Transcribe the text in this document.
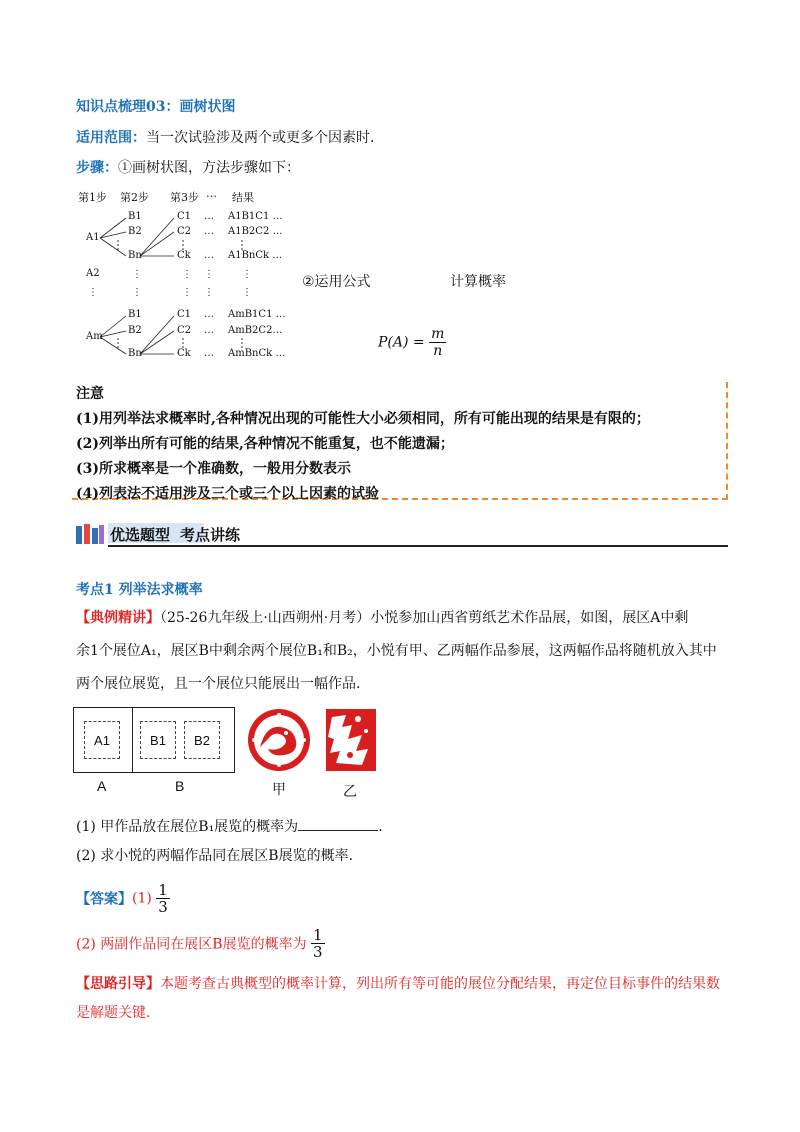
知识点梳理03：画树状图
适用范围：当一次试验涉及两个或更多个因素时.
步骤：①画树状图，方法步骤如下：
第1步 第2步 第3步 … 结果
A1
A2
⋮
Am
B1
B2
Bn
B1
B2
Bn
C1
C2
Ck
C1
C2
Ck
…
…
…
⋮
⋮
…
…
…
⋮
⋮
⋮
⋮
⋮
⋮
A1B1C1 …
A1B2C2 …
A1BnCk …
AmB1C1 …
AmB2C2…
AmBnCk …
②运用公式	计算概率
$P(A) = \frac{m}{n}$
注意
(1)用列举法求概率时,各种情况出现的可能性大小必须相同，所有可能出现的结果是有限的；
(2)列举出所有可能的结果,各种情况不能重复，也不能遗漏；
(3)所求概率是一个准确数，一般用分数表示
(4)列表法不适用涉及三个或三个以上因素的试验
优选题型 考点讲练
考点1 列举法求概率
【典例精讲】（25-26九年级上·山西朔州·月考）小悦参加山西省剪纸艺术作品展，如图，展区A中剩
余1个展位A₁，展区B中剩余两个展位B₁和B₂，小悦有甲、乙两幅作品参展，这两幅作品将随机放入其中
两个展位展览，且一个展位只能展出一幅作品.
A1	B1	B2
A	B	甲	乙
(1) 甲作品放在展位B₁展览的概率为	.
(2) 求小悦的两幅作品同在展区B展览的概率.
【答案】$(1) \frac{1}{3}$
(2) 两副作品同在展区B展览的概率为 $\frac{1}{3}$
【思路引导】本题考查古典概型的概率计算，列出所有等可能的展位分配结果，再定位目标事件的结果数
是解题关键.
